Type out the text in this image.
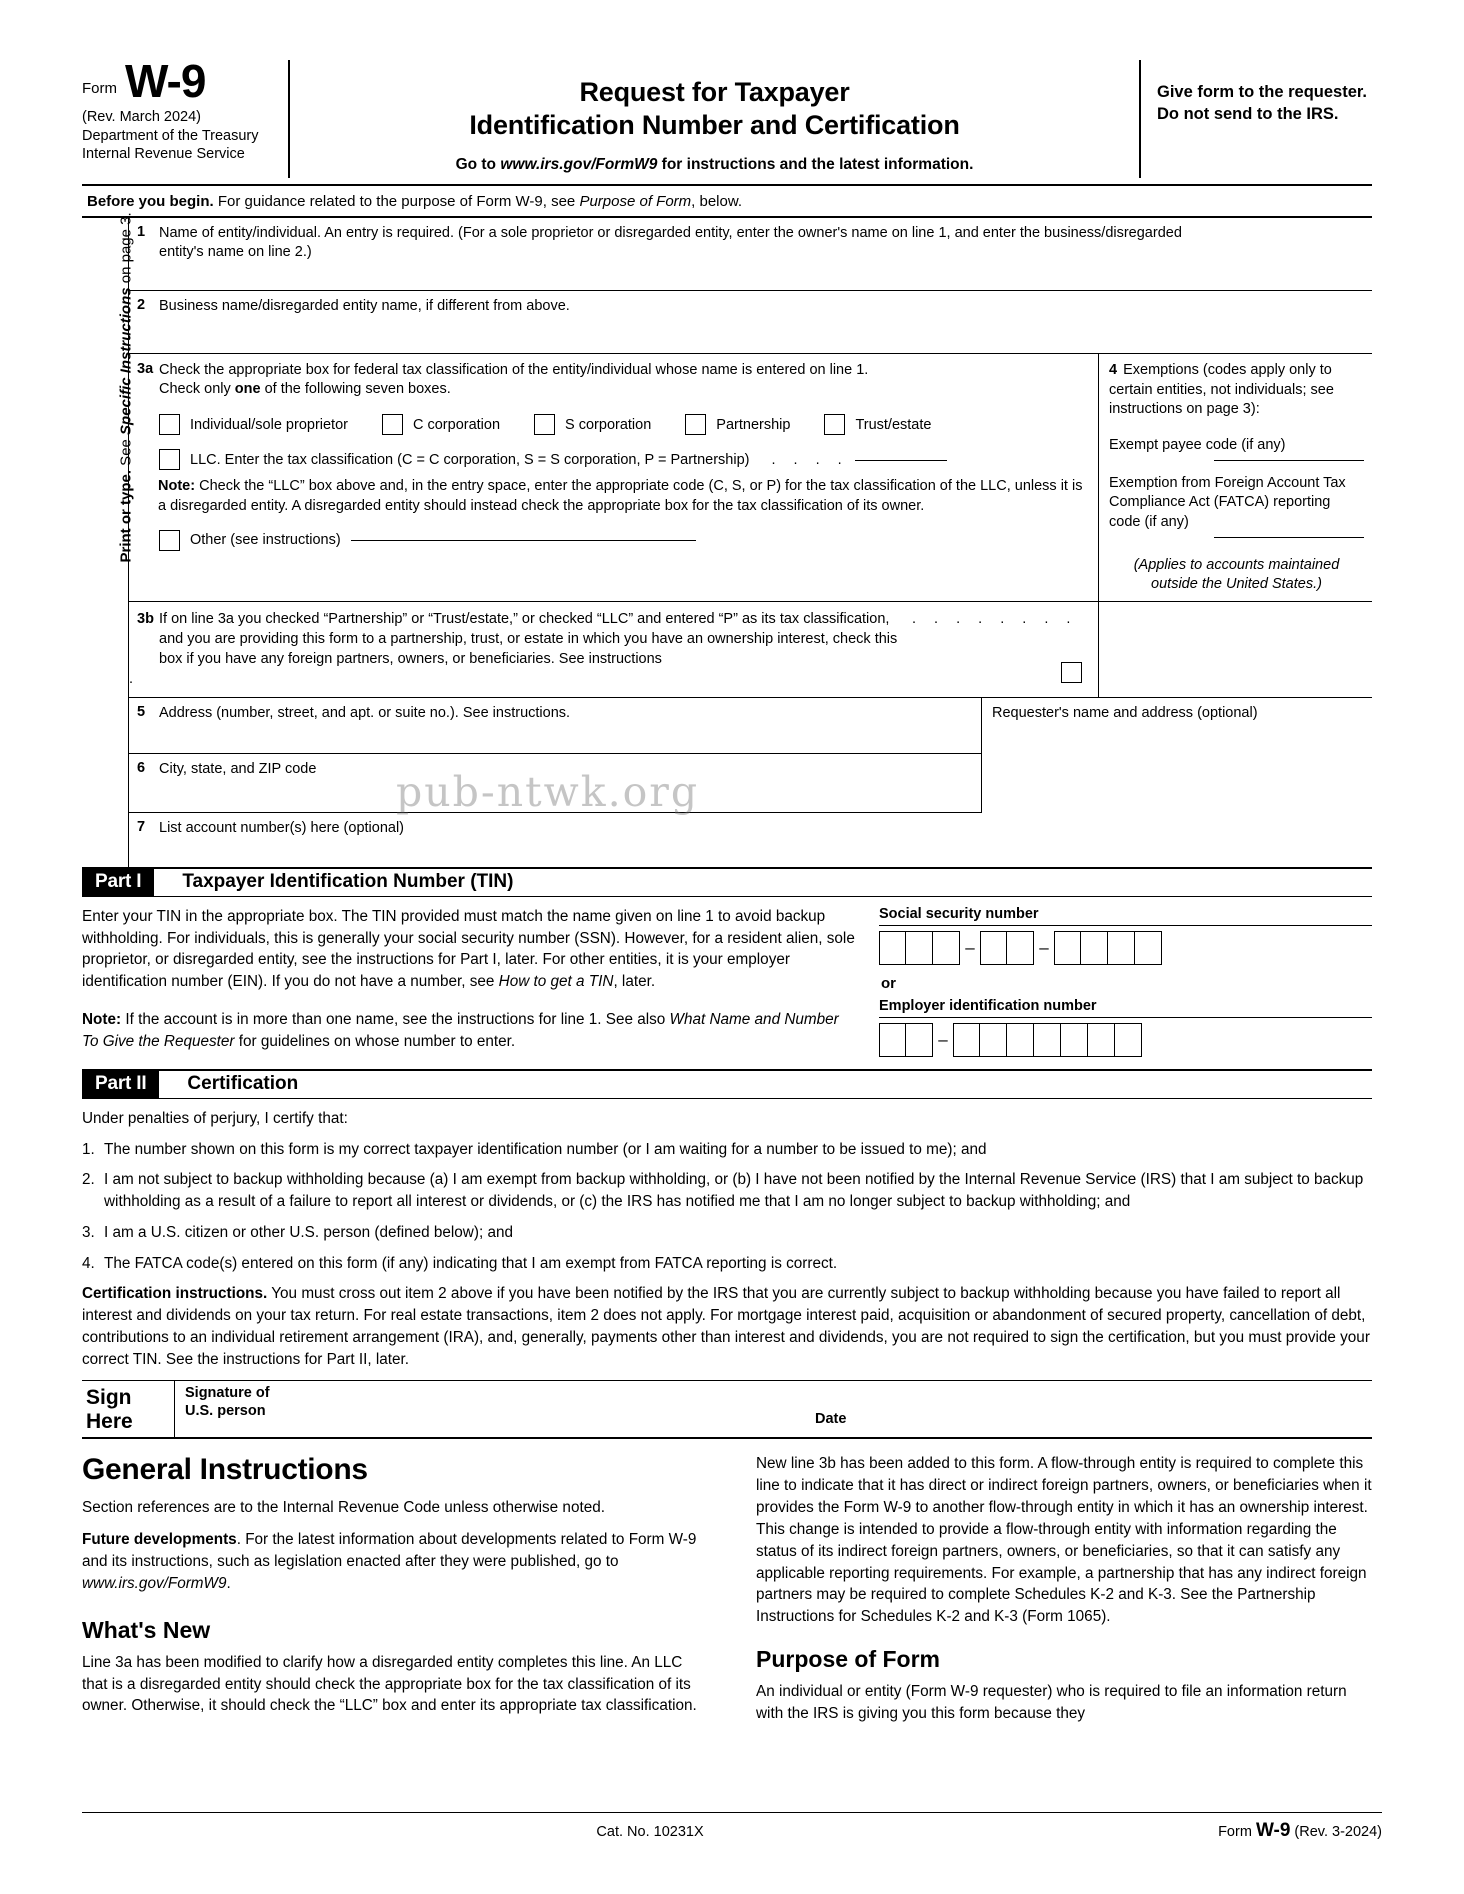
Form W-9
(Rev. March 2024)
Department of the Treasury
Internal Revenue Service
Request for Taxpayer
Identification Number and Certification
Go to www.irs.gov/FormW9 for instructions and the latest information.
Give form to the requester. Do not send to the IRS.
Before you begin. For guidance related to the purpose of Form W-9, see Purpose of Form, below.
Print or type. See Specific Instructions on page 3. 1 Name of entity/individual. An entry is required. (For a sole proprietor or disregarded entity, enter the owner's name on line 1, and enter the business/disregarded entity's name on line 2.)
2 Business name/disregarded entity name, if different from above.
3a Check the appropriate box for federal tax classification of the entity/individual whose name is entered on line 1. Check only one of the following seven boxes.
Individual/sole proprietor	C corporation	S corporation	Partnership	Trust/estate
LLC. Enter the tax classification (C = C corporation, S = S corporation, P = Partnership) . . . .
Note: Check the “LLC” box above and, in the entry space, enter the appropriate code (C, S, or P) for the tax classification of the LLC, unless it is a disregarded entity. A disregarded entity should instead check the appropriate box for the tax classification of its owner.
Other (see instructions)
4 Exemptions (codes apply only to certain entities, not individuals; see instructions on page 3):
Exempt payee code (if any)
Exemption from Foreign Account Tax Compliance Act (FATCA) reporting code (if any)
(Applies to accounts maintained outside the United States.)
3b If on line 3a you checked “Partnership” or “Trust/estate,” or checked “LLC” and entered “P” as its tax classification, and you are providing this form to a partnership, trust, or estate in which you have an ownership interest, check this box if you have any foreign partners, owners, or beneficiaries. See instructions. . . . . . . . .
5 Address (number, street, and apt. or suite no.). See instructions.
6 City, state, and ZIP code
Requester's name and address (optional)
7 List account number(s) here (optional)
Part I	Taxpayer Identification Number (TIN)
Enter your TIN in the appropriate box. The TIN provided must match the name given on line 1 to avoid backup withholding. For individuals, this is generally your social security number (SSN). However, for a resident alien, sole proprietor, or disregarded entity, see the instructions for Part I, later. For other entities, it is your employer identification number (EIN). If you do not have a number, see How to get a TIN, later.
Note: If the account is in more than one name, see the instructions for line 1. See also What Name and Number To Give the Requester for guidelines on whose number to enter.
Social security number
–	–
or
Employer identification number
–
Part II	Certification

Under penalties of perjury, I certify that:

1. The number shown on this form is my correct taxpayer identification number (or I am waiting for a number to be issued to me); and

2. I am not subject to backup withholding because (a) I am exempt from backup withholding, or (b) I have not been notified by the Internal Revenue Service (IRS) that I am subject to backup withholding as a result of a failure to report all interest or dividends, or (c) the IRS has notified me that I am no longer subject to backup withholding; and

3. I am a U.S. citizen or other U.S. person (defined below); and

4. The FATCA code(s) entered on this form (if any) indicating that I am exempt from FATCA reporting is correct.

Certification instructions. You must cross out item 2 above if you have been notified by the IRS that you are currently subject to backup withholding because you have failed to report all interest and dividends on your tax return. For real estate transactions, item 2 does not apply. For mortgage interest paid, acquisition or abandonment of secured property, cancellation of debt, contributions to an individual retirement arrangement (IRA), and, generally, payments other than interest and dividends, you are not required to sign the certification, but you must provide your correct TIN. See the instructions for Part II, later.

Sign
Here
Signature of
U.S. person
Date
General Instructions

Section references are to the Internal Revenue Code unless otherwise noted.

Future developments. For the latest information about developments related to Form W-9 and its instructions, such as legislation enacted after they were published, go to www.irs.gov/FormW9.

What's New

Line 3a has been modified to clarify how a disregarded entity completes this line. An LLC that is a disregarded entity should check the appropriate box for the tax classification of its owner. Otherwise, it should check the “LLC” box and enter its appropriate tax classification.

New line 3b has been added to this form. A flow-through entity is required to complete this line to indicate that it has direct or indirect foreign partners, owners, or beneficiaries when it provides the Form W-9 to another flow-through entity in which it has an ownership interest. This change is intended to provide a flow-through entity with information regarding the status of its indirect foreign partners, owners, or beneficiaries, so that it can satisfy any applicable reporting requirements. For example, a partnership that has any indirect foreign partners may be required to complete Schedules K-2 and K-3. See the Partnership Instructions for Schedules K-2 and K-3 (Form 1065).

Purpose of Form

An individual or entity (Form W-9 requester) who is required to file an information return with the IRS is giving you this form because they

pub-ntwk.org
Cat. No. 10231X	Form W-9 (Rev. 3-2024)
